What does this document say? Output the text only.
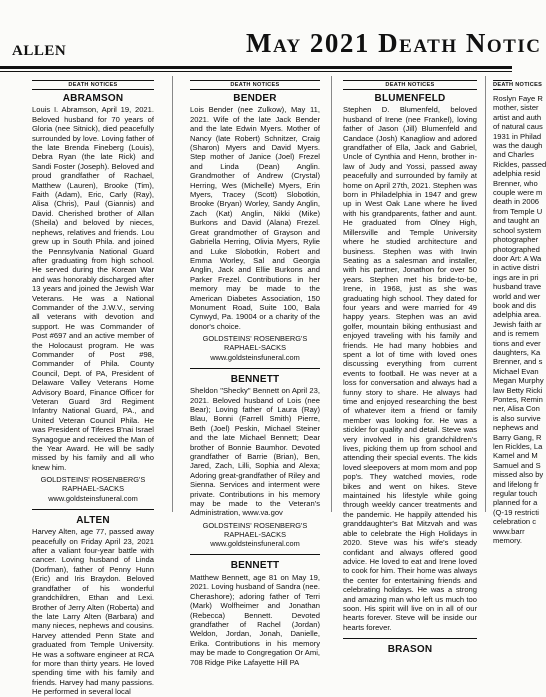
ALLEN	May 2021 Death Notic
DEATH NOTICES	DEATH NOTICES	DEATH NOTICES	DEATH NOTICES
ABRAMSON

Louis I. Abramson, April 19, 2021. Beloved husband for 70 years of Gloria (nee Sitnick), died peacefully surrounded by love. Loving father of the late Brenda Fineberg (Louis), Debra Ryan (the late Rick) and Sandi Foster (Joseph). Beloved and proud grandfather of Rachael, Matthew (Lauren), Brooke (Tim), Faith (Adam), Eric, Carly (Ray), Alisa (Chris), Paul (Giannis) and David. Cherished brother of Allan (Sheila) and beloved by nieces, nephews, relatives and friends. Lou grew up in South Phila. and joined the Pennsylvania National Guard after graduating from high school. He served during the Korean War and was honorably discharged after 13 years and joined the Jewish War Veterans. He was a National Commander of the J.W.V., serving all veterans with devotion and support. He was Commander of Post #697 and an active member of the Holocaust program. He was Commander of Post #98, Commander of Phila. County Council, Dept. of PA, President of Delaware Valley Veterans Home Advisory Board, Finance Officer for Veteran Guard 3rd Regiment Infantry National Guard, PA., and United Veteran Council Phila. He was President of Tiferes B'nai Israel Synagogue and received the Man of the Year Award. He will be sadly missed by his family and all who knew him.

GOLDSTEINS' ROSENBERG'S
RAPHAEL-SACKS
www.goldsteinsfuneral.com
ALTEN

Harvey Alten, age 77, passed away peacefully on Friday April 23, 2021 after a valiant four-year battle with cancer. Loving husband of Linda (Dorfman), father of Penny Hunn (Eric) and Iris Braydon. Beloved grandfather of his wonderful grandchildren, Ethan and Lexi. Brother of Jerry Alten (Roberta) and the late Larry Alten (Barbara) and many nieces, nephews and cousins. Harvey attended Penn State and graduated from Temple University. He was a software engineer at RCA for more than thirty years. He loved spending time with his family and friends. Harvey had many passions. He performed in several local

BENDER

Lois Bender (nee Zulkow), May 11, 2021. Wife of the late Jack Bender and the late Edwin Myers. Mother of Nancy (late Robert) Schnitzer, Craig (Sharon) Myers and David Myers. Step mother of Janice (Joel) Frezel and Linda (Dean) Anglin. Grandmother of Andrew (Crystal) Herring, Wes (Michelle) Myers, Erin Myers, Tracey (Scott) Slobotkin, Brooke (Bryan) Worley, Sandy Anglin, Zach (Kat) Anglin, Nikki (Mike) Burkons and David (Alana) Frezel. Great grandmother of Grayson and Gabriella Herring, Olivia Myers, Rylie and Luke Slobotkin, Robert and Emma Worley, Sal and Georgia Anglin, Jack and Ellie Burkons and Parker Frezel. Contributions in her memory may be made to the American Diabetes Association, 150 Monument Road, Suite 100, Bala Cynwyd, Pa. 19004 or a charity of the donor's choice.

GOLDSTEINS' ROSENBERG'S
RAPHAEL-SACKS
www.goldsteinsfuneral.com
BENNETT

Sheldon "Shecky" Bennett on April 23, 2021. Beloved husband of Lois (nee Bear); Loving father of Laura (Ray) Blau, Bonni (Farrell Smith) Pierre, Beth (Joel) Peskin, Michael Steiner and the late Michael Bennett; Dear brother of Bonnie Baumhor. Devoted grandfather of Barrie (Brian), Ben, Jared, Zach, Lilli, Sophia and Alexa; Adoring great-grandfather of Riley and Sienna. Services and interment were private. Contributions in his memory may be made to the Veteran's Administration, www.va.gov

GOLDSTEINS' ROSENBERG'S
RAPHAEL-SACKS
www.goldsteinsfuneral.com
BENNETT

Matthew Bennett, age 81 on May 19, 2021. Loving husband of Sandra (nee. Cherashore); adoring father of Terri (Mark) Wolfheimer and Jonathan (Rebecca) Bennett. Devoted grandfather of Rachel (Jordan) Weldon, Jordan, Jonah, Danielle, Erika. Contributions in his memory may be made to Congregation Or Ami, 708 Ridge Pike Lafayette Hill PA

BLUMENFELD

Stephen D. Blumenfeld, beloved husband of Irene (nee Frankel), loving father of Jason (Jill) Blumenfeld and Candace (Josh) Kanagliow and adored grandfather of Ella, Jack and Gabriel, Uncle of Cynthia and Henn, brother in-law of Judy and Yossi, passed away peacefully and surrounded by family at home on April 27th, 2021. Stephen was born in Philadelphia in 1947 and grew up in West Oak Lane where he lived with his grandparents, father and aunt. He graduated from Olney High, Millersville and Temple University where he studied architecture and business. Stephen was with Irwin Seating as a salesman and installer, with his partner, Jonathon for over 50 years. Stephen met his bride-to-be, Irene, in 1968, just as she was graduating high school. They dated for four years and were married for 49 happy years. Stephen was an avid golfer, mountain biking enthusiast and enjoyed traveling with his family and friends. He had many hobbies and spent a lot of time with loved ones discussing everything from current events to football. He was never at a loss for conversation and always had a funny story to share. He always had time and enjoyed researching the best of whatever item a friend or family member was looking for. He was a stickler for quality and detail. Steve was very involved in his grandchildren's lives, picking them up from school and attending their special events. The kids loved sleepovers at mom mom and pop pop's. They watched movies, rode bikes and went on hikes. Steve maintained his lifestyle while going through weekly cancer treatments and the pandemic. He happily attended his granddaughter's Bat Mitzvah and was able to celebrate the High Holidays in 2020. Steve was his wife's steady confidant and always offered good advice. He loved to eat and Irene loved to cook for him. Their home was always the center for entertaining friends and celebrating holidays. He was a strong and amazing man who left us much too soon. His spirit will live on in all of our hearts forever. Steve will be inside our hearts forever.

BRASON
Roslyn Faye R
mother, sister
artist and auth
of natural caus
1931 in Philad
was the daugh
and Charles
Rickles, passed
adelphia resid
Brenner, who
couple were m
death in 2006
from Temple U
and taught an
school system
photographer
photographed
door Art: A Wa
in active distri
ings are in pri
husband trave
world and wer
book and dis
adelphia area.
Jewish faith ar
and is remem
tions and ever
daughters, Ka
Brenner, and s
Michael Evan
Megan Murphy
law Betty Ricki
Pontes, Remin
ner, Alisa Con
is also survive
nephews and
Barry Gang, R
len Rickles, La
Kamel and M
Samuel and S
missed also by
and lifelong fr
regular touch
planned for a
(Q-19 restricti
celebration c
www.barr
memory.
